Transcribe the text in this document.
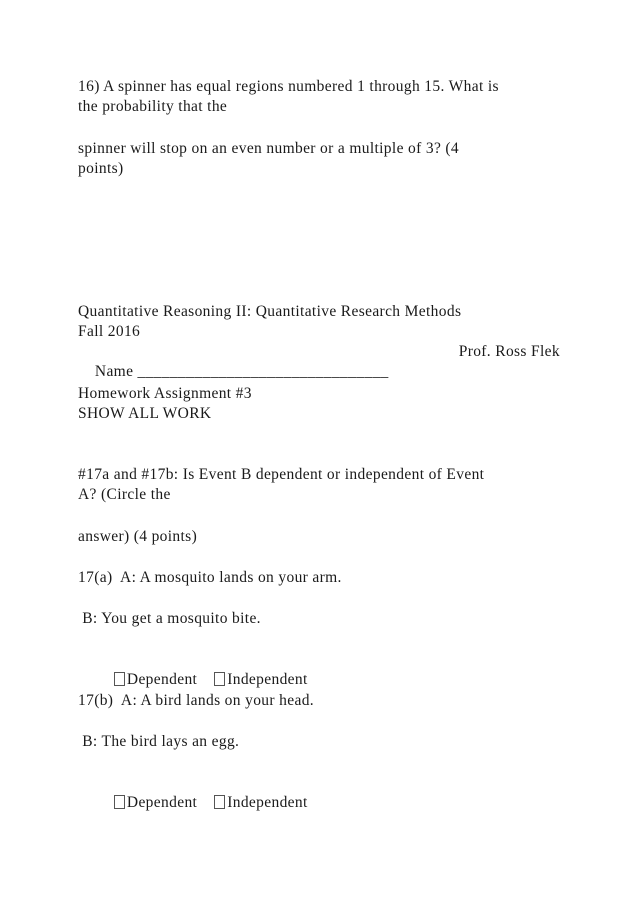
16) A spinner has equal regions numbered 1 through 15. What is
the probability that the
spinner will stop on an even number or a multiple of 3? (4
points)
Quantitative Reasoning II: Quantitative Research Methods
Fall 2016

Name _______________________________

Prof. Ross Flek

Homework Assignment #3
SHOW ALL WORK
#17a and #17b: Is Event B dependent or independent of Event
A? (Circle the
answer) (4 points)
17(a)  A: A mosquito lands on your arm.
B: You get a mosquito bite.

Dependent Independent

17(b)  A: A bird lands on your head.
B: The bird lays an egg.

Dependent Independent
